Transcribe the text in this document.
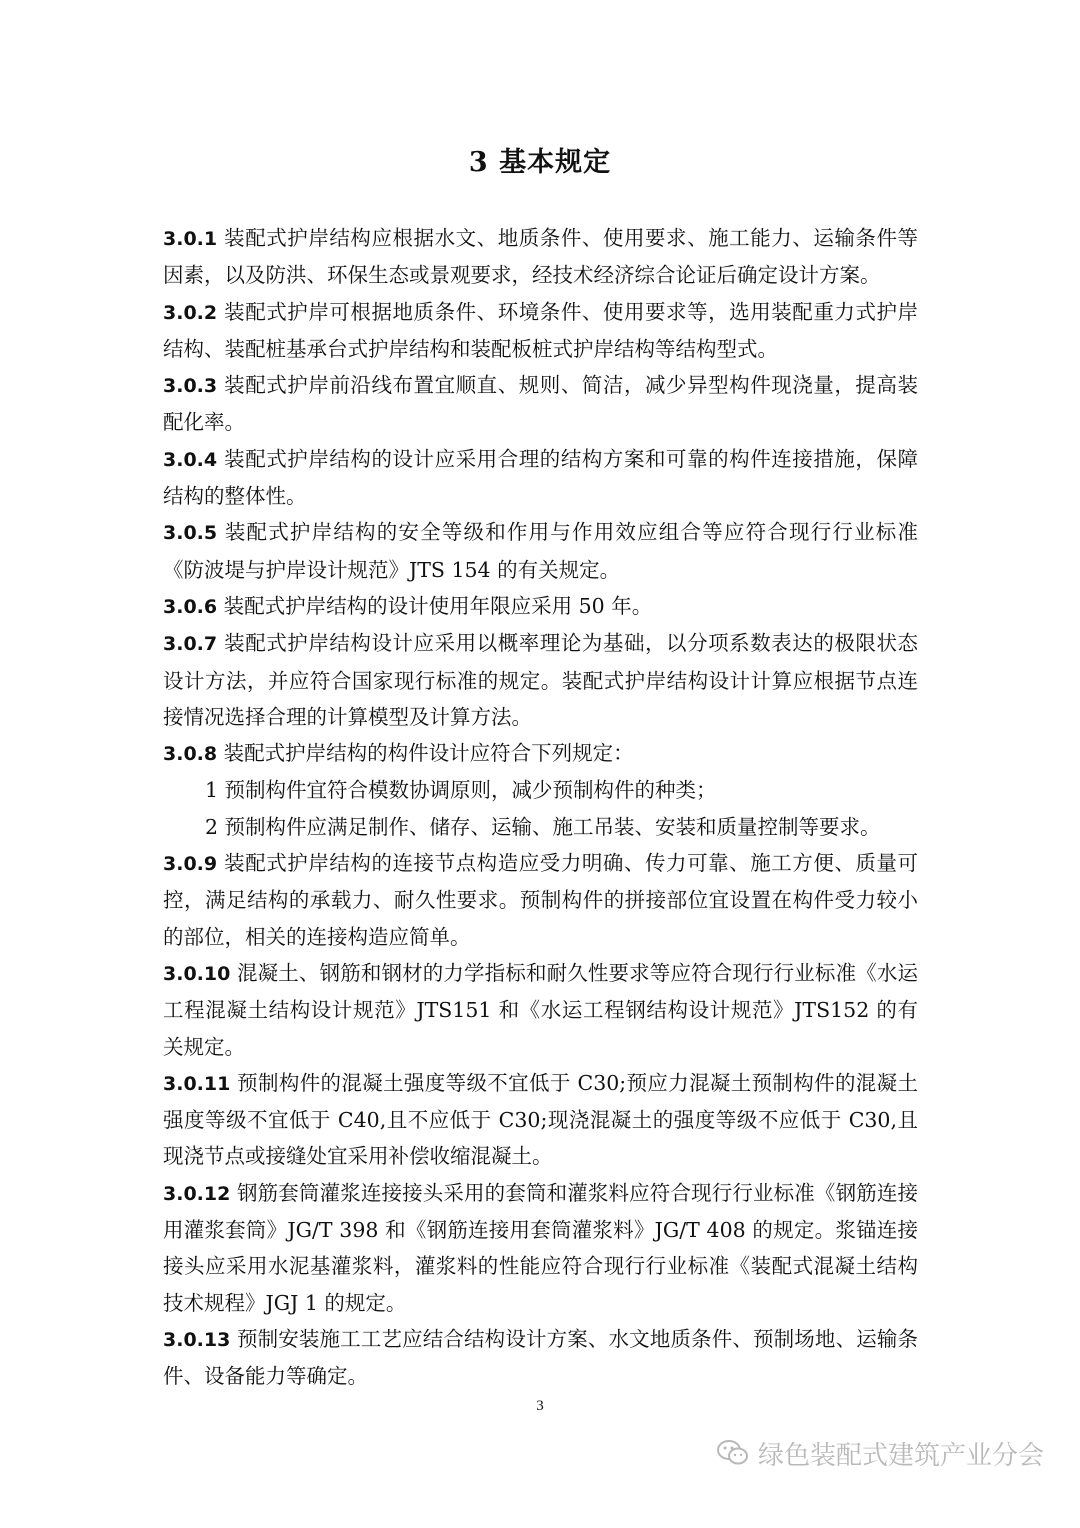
3 基本规定

3.0.1 装配式护岸结构应根据水文、地质条件、使用要求、施工能力、运输条件等因素，以及防洪、环保生态或景观要求，经技术经济综合论证后确定设计方案。

3.0.2 装配式护岸可根据地质条件、环境条件、使用要求等，选用装配重力式护岸结构、装配桩基承台式护岸结构和装配板桩式护岸结构等结构型式。

3.0.3 装配式护岸前沿线布置宜顺直、规则、简洁，减少异型构件现浇量，提高装配化率。

3.0.4 装配式护岸结构的设计应采用合理的结构方案和可靠的构件连接措施，保障结构的整体性。

3.0.5 装配式护岸结构的安全等级和作用与作用效应组合等应符合现行行业标准《防波堤与护岸设计规范》JTS 154 的有关规定。

3.0.6 装配式护岸结构的设计使用年限应采用 50 年。

3.0.7 装配式护岸结构设计应采用以概率理论为基础，以分项系数表达的极限状态设计方法，并应符合国家现行标准的规定。装配式护岸结构设计计算应根据节点连接情况选择合理的计算模型及计算方法。

3.0.8 装配式护岸结构的构件设计应符合下列规定：

1 预制构件宜符合模数协调原则，减少预制构件的种类；

2 预制构件应满足制作、储存、运输、施工吊装、安装和质量控制等要求。

3.0.9 装配式护岸结构的连接节点构造应受力明确、传力可靠、施工方便、质量可控，满足结构的承载力、耐久性要求。预制构件的拼接部位宜设置在构件受力较小的部位，相关的连接构造应简单。

3.0.10 混凝土、钢筋和钢材的力学指标和耐久性要求等应符合现行行业标准《水运工程混凝土结构设计规范》JTS151 和《水运工程钢结构设计规范》JTS152 的有关规定。

3.0.11 预制构件的混凝土强度等级不宜低于 C30;预应力混凝土预制构件的混凝土强度等级不宜低于 C40,且不应低于 C30;现浇混凝土的强度等级不应低于 C30,且现浇节点或接缝处宜采用补偿收缩混凝土。

3.0.12 钢筋套筒灌浆连接接头采用的套筒和灌浆料应符合现行行业标准《钢筋连接用灌浆套筒》JG/T 398 和《钢筋连接用套筒灌浆料》JG/T 408 的规定。浆锚连接接头应采用水泥基灌浆料，灌浆料的性能应符合现行行业标准《装配式混凝土结构技术规程》JGJ 1 的规定。

3.0.13 预制安装施工工艺应结合结构设计方案、水文地质条件、预制场地、运输条件、设备能力等确定。

3
绿色装配式建筑产业分会
